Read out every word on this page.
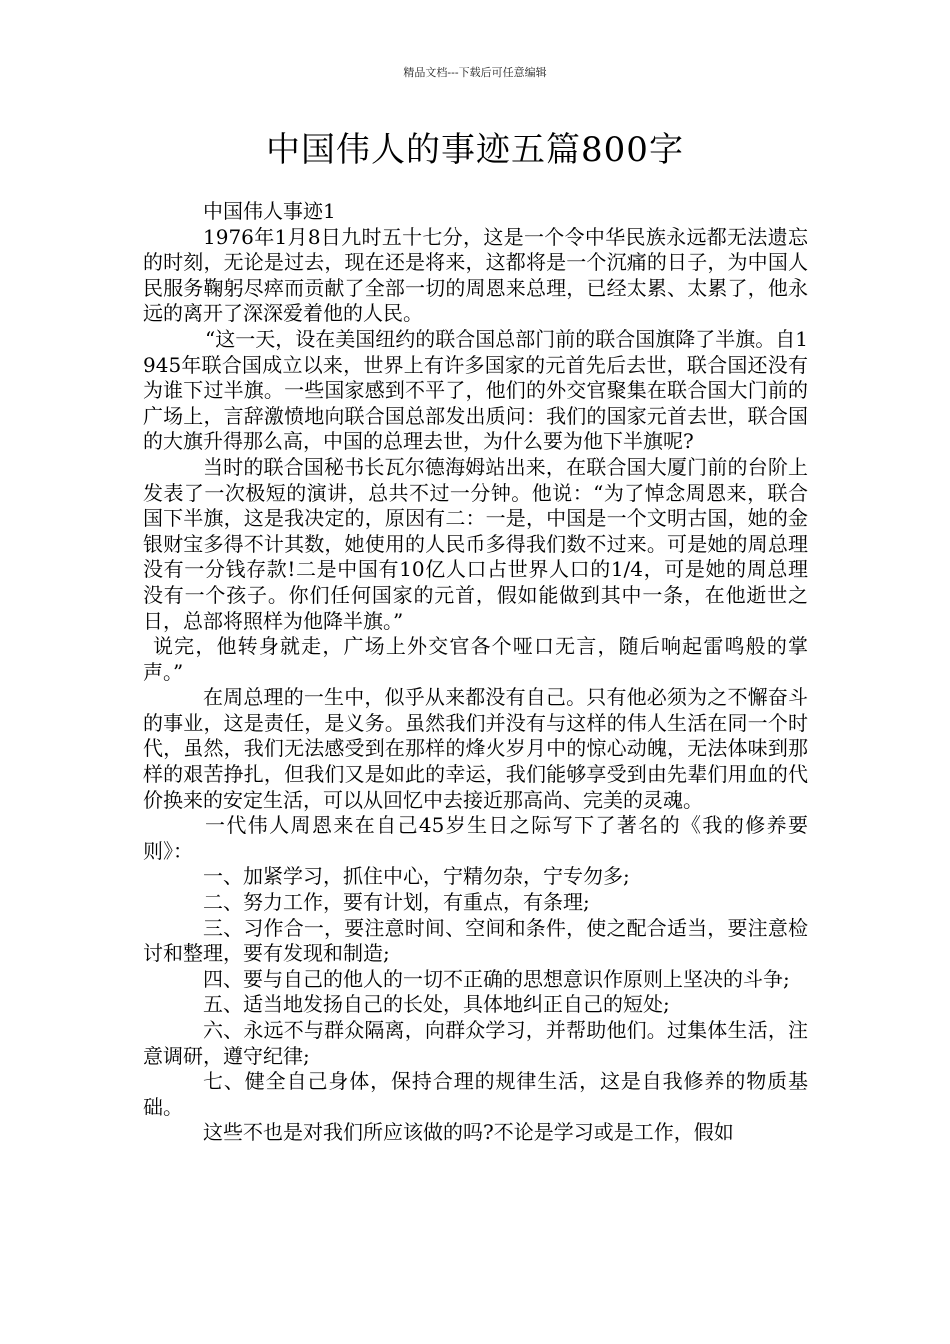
精品文档---下载后可任意编辑
中国伟人的事迹五篇800字

中国伟人事迹1

1976年1月8日九时五十七分，这是一个令中华民族永远都无法遗忘的时刻，无论是过去，现在还是将来，这都将是一个沉痛的日子，为中国人民服务鞠躬尽瘁而贡献了全部一切的周恩来总理，已经太累、太累了，他永远的离开了深深爱着他的人民。

“这一天，设在美国纽约的联合国总部门前的联合国旗降了半旗。自1945年联合国成立以来，世界上有许多国家的元首先后去世，联合国还没有为谁下过半旗。一些国家感到不平了，他们的外交官聚集在联合国大门前的广场上，言辞激愤地向联合国总部发出质问：我们的国家元首去世，联合国的大旗升得那么高，中国的总理去世，为什么要为他下半旗呢?

当时的联合国秘书长瓦尔德海姆站出来，在联合国大厦门前的台阶上发表了一次极短的演讲，总共不过一分钟。他说：“为了悼念周恩来，联合国下半旗，这是我决定的，原因有二：一是，中国是一个文明古国，她的金银财宝多得不计其数，她使用的人民币多得我们数不过来。可是她的周总理没有一分钱存款!二是中国有10亿人口占世界人口的1/4，可是她的周总理没有一个孩子。你们任何国家的元首，假如能做到其中一条，在他逝世之日，总部将照样为他降半旗。”

说完，他转身就走，广场上外交官各个哑口无言，随后响起雷鸣般的掌声。”

在周总理的一生中，似乎从来都没有自己。只有他必须为之不懈奋斗的事业，这是责任，是义务。虽然我们并没有与这样的伟人生活在同一个时代，虽然，我们无法感受到在那样的烽火岁月中的惊心动魄，无法体味到那样的艰苦挣扎，但我们又是如此的幸运，我们能够享受到由先辈们用血的代价换来的安定生活，可以从回忆中去接近那高尚、完美的灵魂。

一代伟人周恩来在自己45岁生日之际写下了著名的《我的修养要则》：

一、加紧学习，抓住中心，宁精勿杂，宁专勿多;

二、努力工作，要有计划，有重点，有条理;

三、习作合一，要注意时间、空间和条件，使之配合适当，要注意检讨和整理，要有发现和制造;

四、要与自己的他人的一切不正确的思想意识作原则上坚决的斗争;

五、适当地发扬自己的长处，具体地纠正自己的短处;

六、永远不与群众隔离，向群众学习，并帮助他们。过集体生活，注意调研，遵守纪律;

七、健全自己身体，保持合理的规律生活，这是自我修养的物质基础。

这些不也是对我们所应该做的吗?不论是学习或是工作，假如
